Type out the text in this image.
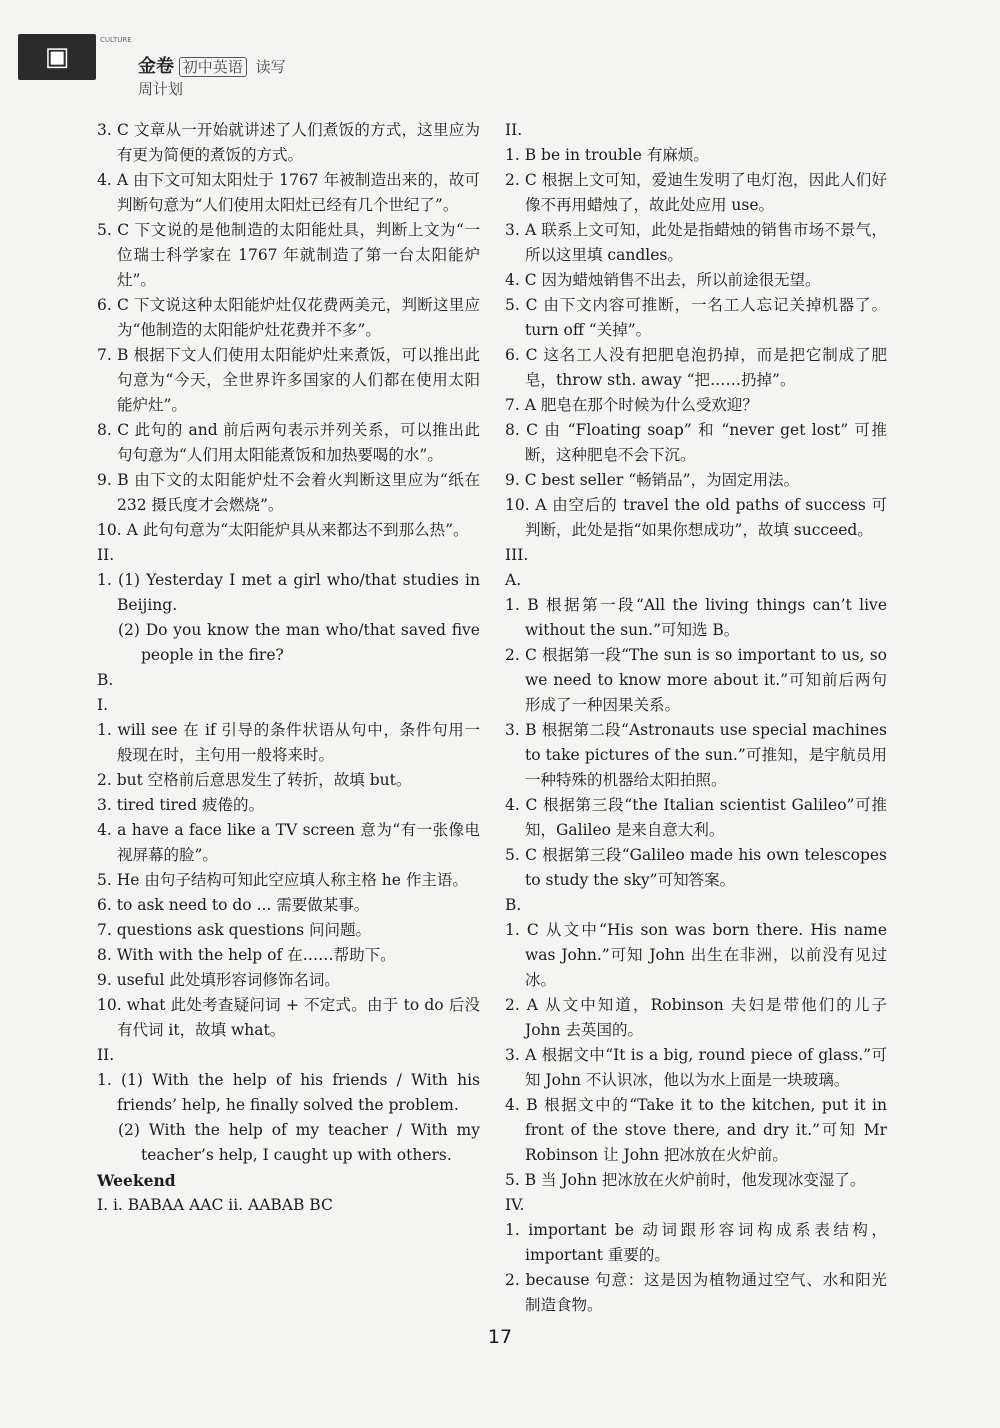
▣
CULTURE
金卷 初中英语 读写周计划

3. C 文章从一开始就讲述了人们煮饭的方式，这里应为有更为简便的煮饭的方式。

4. A 由下文可知太阳灶于 1767 年被制造出来的，故可判断句意为“人们使用太阳灶已经有几个世纪了”。

5. C 下文说的是他制造的太阳能灶具，判断上文为“一位瑞士科学家在 1767 年就制造了第一台太阳能炉灶”。

6. C 下文说这种太阳能炉灶仅花费两美元，判断这里应为“他制造的太阳能炉灶花费并不多”。

7. B 根据下文人们使用太阳能炉灶来煮饭，可以推出此句意为“今天，全世界许多国家的人们都在使用太阳能炉灶”。

8. C 此句的 and 前后两句表示并列关系，可以推出此句句意为“人们用太阳能煮饭和加热要喝的水”。

9. B 由下文的太阳能炉灶不会着火判断这里应为“纸在 232 摄氏度才会燃烧”。

10. A 此句句意为“太阳能炉具从来都达不到那么热”。

II.

1. (1) Yesterday I met a girl who/that studies in Beijing.

(2) Do you know the man who/that saved five people in the fire?

B.

I.

1. will see 在 if 引导的条件状语从句中，条件句用一般现在时，主句用一般将来时。

2. but 空格前后意思发生了转折，故填 but。

3. tired tired 疲倦的。

4. a have a face like a TV screen 意为“有一张像电视屏幕的脸”。

5. He 由句子结构可知此空应填人称主格 he 作主语。

6. to ask need to do ... 需要做某事。

7. questions ask questions 问问题。

8. With with the help of 在……帮助下。

9. useful 此处填形容词修饰名词。

10. what 此处考查疑问词 + 不定式。由于 to do 后没有代词 it，故填 what。

II.

1. (1) With the help of his friends / With his friends’ help, he finally solved the problem.

(2) With the help of my teacher / With my teacher’s help, I caught up with others.

Weekend

I. i. BABAA AAC ii. AABAB BC

II.

1. B be in trouble 有麻烦。

2. C 根据上文可知，爱迪生发明了电灯泡，因此人们好像不再用蜡烛了，故此处应用 use。

3. A 联系上文可知，此处是指蜡烛的销售市场不景气，所以这里填 candles。

4. C 因为蜡烛销售不出去，所以前途很无望。

5. C 由下文内容可推断，一名工人忘记关掉机器了。turn off “关掉”。

6. C 这名工人没有把肥皂泡扔掉，而是把它制成了肥皂，throw sth. away “把……扔掉”。

7. A 肥皂在那个时候为什么受欢迎？

8. C 由 “Floating soap” 和 “never get lost” 可推断，这种肥皂不会下沉。

9. C best seller “畅销品”，为固定用法。

10. A 由空后的 travel the old paths of success 可判断，此处是指“如果你想成功”，故填 succeed。

III.

A.

1. B 根据第一段“All the living things can’t live without the sun.”可知选 B。

2. C 根据第一段“The sun is so important to us, so we need to know more about it.”可知前后两句形成了一种因果关系。

3. B 根据第二段“Astronauts use special machines to take pictures of the sun.”可推知，是宇航员用一种特殊的机器给太阳拍照。

4. C 根据第三段“the Italian scientist Galileo”可推知，Galileo 是来自意大利。

5. C 根据第三段“Galileo made his own telescopes to study the sky”可知答案。

B.

1. C 从文中“His son was born there. His name was John.”可知 John 出生在非洲，以前没有见过冰。

2. A 从文中知道，Robinson 夫妇是带他们的儿子 John 去英国的。

3. A 根据文中“It is a big, round piece of glass.”可知 John 不认识冰，他以为水上面是一块玻璃。

4. B 根据文中的“Take it to the kitchen, put it in front of the stove there, and dry it.”可知 Mr Robinson 让 John 把冰放在火炉前。

5. B 当 John 把冰放在火炉前时，他发现冰变湿了。

IV.

1. important be 动词跟形容词构成系表结构，important 重要的。

2. because 句意：这是因为植物通过空气、水和阳光制造食物。

17
